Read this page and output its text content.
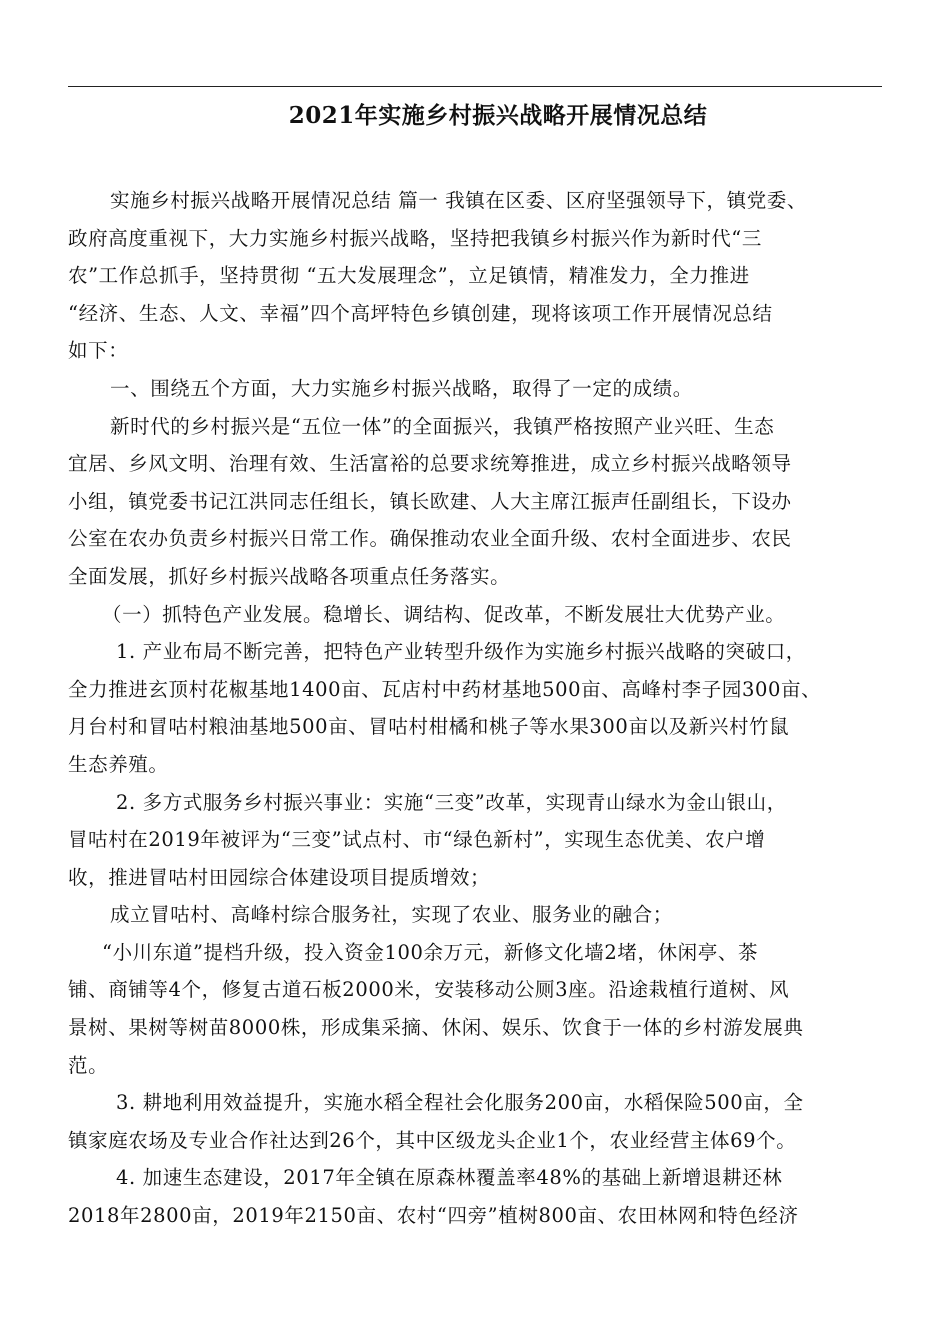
2021年实施乡村振兴战略开展情况总结
实施乡村振兴战略开展情况总结 篇一 我镇在区委、区府坚强领导下，镇党委、
政府高度重视下，大力实施乡村振兴战略，坚持把我镇乡村振兴作为新时代“三
农”工作总抓手，坚持贯彻 “五大发展理念”，立足镇情，精准发力，全力推进
“经济、生态、人文、幸福”四个高坪特色乡镇创建，现将该项工作开展情况总结
如下：
一、围绕五个方面，大力实施乡村振兴战略，取得了一定的成绩。
新时代的乡村振兴是“五位一体”的全面振兴，我镇严格按照产业兴旺、生态
宜居、乡风文明、治理有效、生活富裕的总要求统筹推进，成立乡村振兴战略领导
小组，镇党委书记江洪同志任组长，镇长欧建、人大主席江振声任副组长，下设办
公室在农办负责乡村振兴日常工作。确保推动农业全面升级、农村全面进步、农民
全面发展，抓好乡村振兴战略各项重点任务落实。
（一）抓特色产业发展。稳增长、调结构、促改革，不断发展壮大优势产业。
1. 产业布局不断完善，把特色产业转型升级作为实施乡村振兴战略的突破口，
全力推进玄顶村花椒基地1400亩、瓦店村中药材基地500亩、高峰村李子园300亩、
月台村和冒咕村粮油基地500亩、冒咕村柑橘和桃子等水果300亩以及新兴村竹鼠
生态养殖。
2. 多方式服务乡村振兴事业：实施“三变”改革，实现青山绿水为金山银山，
冒咕村在2019年被评为“三变”试点村、市“绿色新村”，实现生态优美、农户增
收，推进冒咕村田园综合体建设项目提质增效；
成立冒咕村、高峰村综合服务社，实现了农业、服务业的融合；
“小川东道”提档升级，投入资金100余万元，新修文化墙2堵，休闲亭、茶
铺、商铺等4个，修复古道石板2000米，安装移动公厕3座。沿途栽植行道树、风
景树、果树等树苗8000株，形成集采摘、休闲、娱乐、饮食于一体的乡村游发展典
范。
3. 耕地利用效益提升，实施水稻全程社会化服务200亩，水稻保险500亩，全
镇家庭农场及专业合作社达到26个，其中区级龙头企业1个，农业经营主体69个。
4. 加速生态建设，2017年全镇在原森林覆盖率48%的基础上新增退耕还林
2018年2800亩，2019年2150亩、农村“四旁”植树800亩、农田林网和特色经济
